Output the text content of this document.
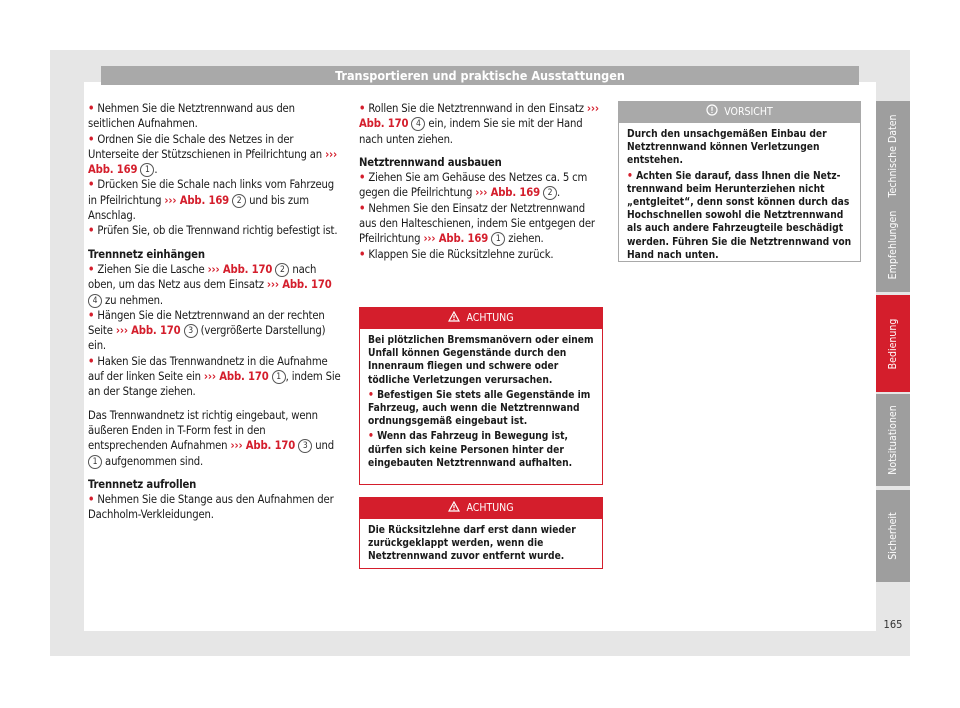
Transportieren und praktische Ausstattungen

• Nehmen Sie die Netztrennwand aus den seitlichen Aufnahmen.

• Ordnen Sie die Schale des Netzes in der Unterseite der Stützschienen in Pfeilrichtung an ››› Abb. 169 1 .

• Drücken Sie die Schale nach links vom Fahrzeug in Pfeilrichtung ››› Abb. 169 2 und bis zum Anschlag.

• Prüfen Sie, ob die Trennwand richtig befestigt ist.

Trennnetz einhängen

• Ziehen Sie die Lasche ››› Abb. 170 2 nach oben, um das Netz aus dem Einsatz ››› Abb. 170 4 zu nehmen.

• Hängen Sie die Netztrennwand an der rechten Seite ››› Abb. 170 3 (vergrößerte Darstellung) ein.

• Haken Sie das Trennwandnetz in die Aufnahme auf der linken Seite ein ››› Abb. 170 1 , indem Sie an der Stange ziehen.

Das Trennwandnetz ist richtig eingebaut, wenn äußeren Enden in T-Form fest in den entsprechenden Aufnahmen ››› Abb. 170 3 und 1 aufgenommen sind.

Trennnetz aufrollen

• Nehmen Sie die Stange aus den Aufnahmen der Dachholm-Verkleidungen.

• Rollen Sie die Netztrennwand in den Einsatz ››› Abb. 170 4 ein, indem Sie sie mit der Hand nach unten ziehen.

Netztrennwand ausbauen

• Ziehen Sie am Gehäuse des Netzes ca. 5 cm gegen die Pfeilrichtung ››› Abb. 169 2 .

• Nehmen Sie den Einsatz der Netztrennwand aus den Halteschienen, indem Sie entgegen der Pfeilrichtung ››› Abb. 169 1 ziehen.

• Klappen Sie die Rücksitzlehne zurück.

ACHTUNG

Bei plötzlichen Bremsmanövern oder einem Unfall können Gegenstände durch den Innenraum fliegen und schwere oder tödliche Verletzungen verursachen.

• Befestigen Sie stets alle Gegenstände im Fahrzeug, auch wenn die Netztrennwand ordnungsgemäß eingebaut ist.

• Wenn das Fahrzeug in Bewegung ist, dürfen sich keine Personen hinter der eingebauten Netztrennwand aufhalten.

ACHTUNG

Die Rücksitzlehne darf erst dann wieder zurückgeklappt werden, wenn die Netztrennwand zuvor entfernt wurde.

VORSICHT

Durch den unsachgemäßen Einbau der Netztrennwand können Verletzungen entstehen.

• Achten Sie darauf, dass Ihnen die Netztrennwand beim Herunterziehen nicht „entgleitet“, denn sonst können durch das Hochschnellen sowohl die Netztrennwand als auch andere Fahrzeugteile beschädigt werden. Führen Sie die Netztrennwand von Hand nach unten.

Technische Daten
Empfehlungen
Bedienung
Notsituationen
Sicherheit
165
